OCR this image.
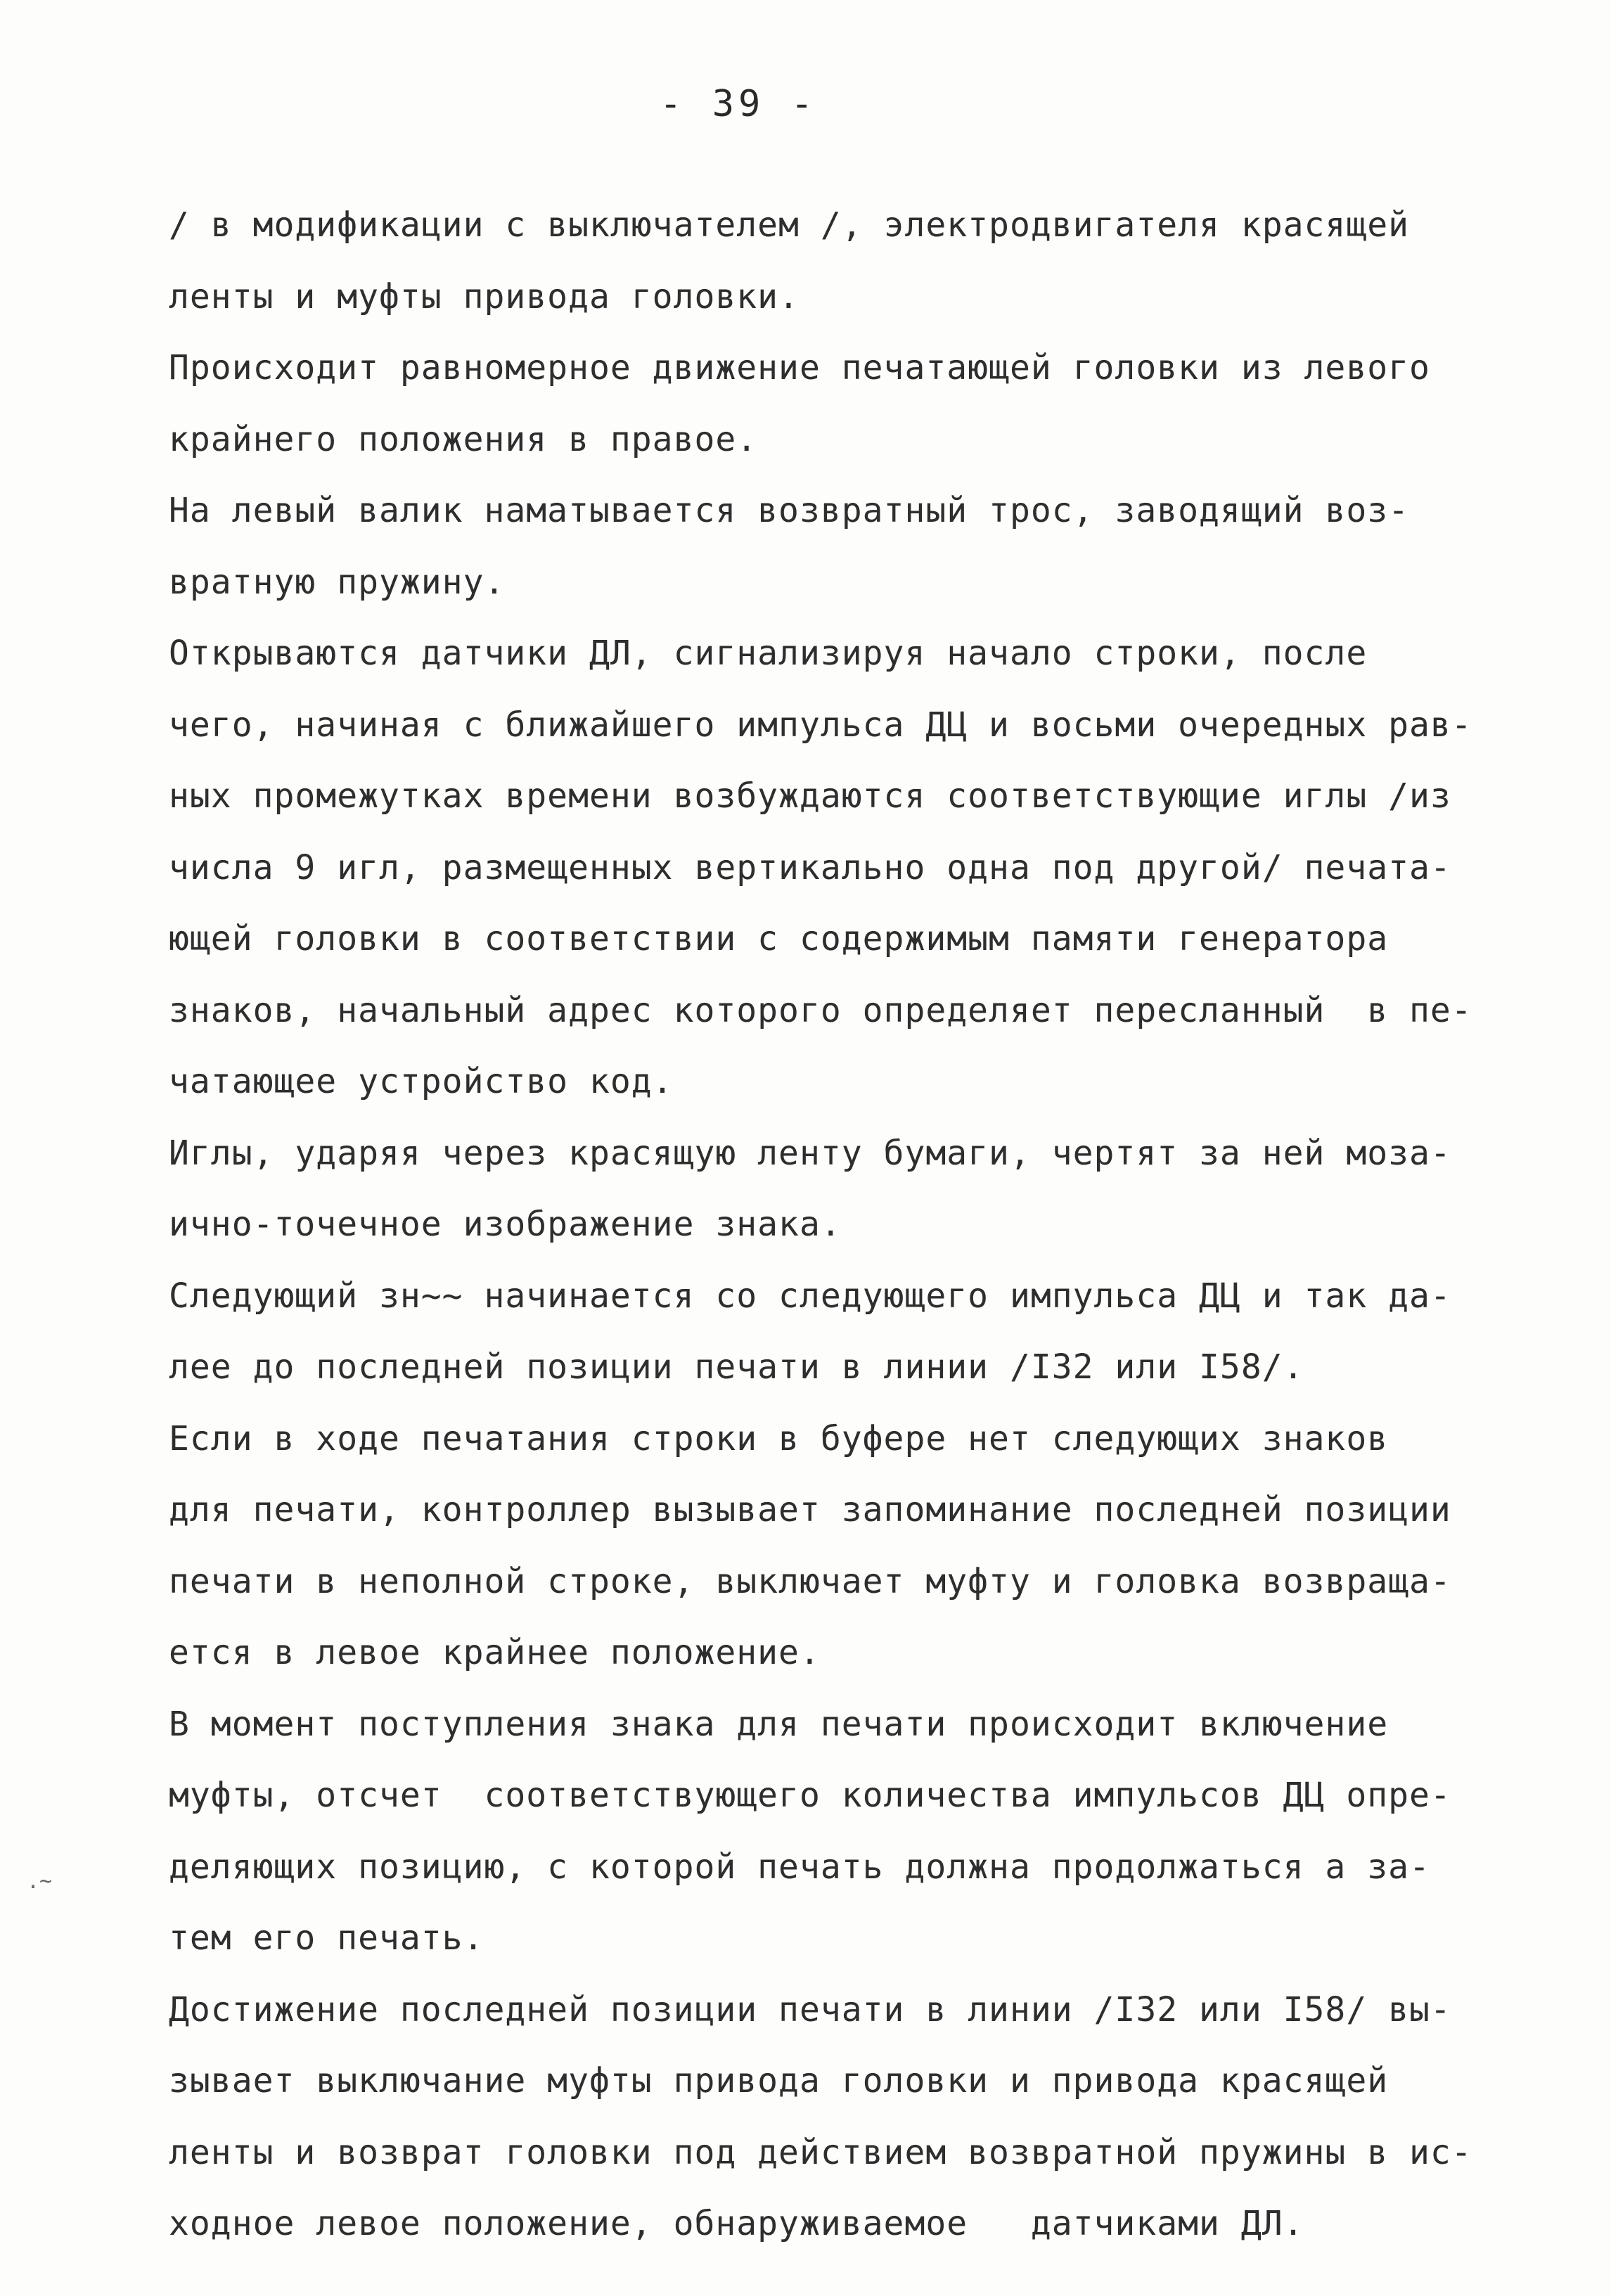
- 39 -
/ в модификации с выключателем /, электродвигателя красящей
ленты и муфты привода головки.
Происходит равномерное движение печатающей головки из левого
крайнего положения в правое.
На левый валик наматывается возвратный трос, заводящий воз-
вратную пружину.
Открываются датчики ДЛ, сигнализируя начало строки, после
чего, начиная с ближайшего импульса ДЦ и восьми очередных рав-
ных промежутках времени возбуждаются соответствующие иглы /из
числа 9 игл, размещенных вертикально одна под другой/ печата-
ющей головки в соответствии с содержимым памяти генератора
знаков, начальный адрес которого определяет пересланный  в пе-
чатающее устройство код.
Иглы, ударяя через красящую ленту бумаги, чертят за ней моза-
ично-точечное изображение знака.
Следующий зн~~ начинается со следующего импульса ДЦ и так да-
лее до последней позиции печати в линии /I32 или I58/.
Если в ходе печатания строки в буфере нет следующих знаков
для печати, контроллер вызывает запоминание последней позиции
печати в неполной строке, выключает муфту и головка возвраща-
ется в левое крайнее положение.
В момент поступления знака для печати происходит включение
муфты, отсчет  соответствующего количества импульсов ДЦ опре-
деляющих позицию, с которой печать должна продолжаться а за-
тем его печать.
Достижение последней позиции печати в линии /I32 или I58/ вы-
зывает выключание муфты привода головки и привода красящей
ленты и возврат головки под действием возвратной пружины в ис-
ходное левое положение, обнаруживаемое   датчиками ДЛ.
.~
